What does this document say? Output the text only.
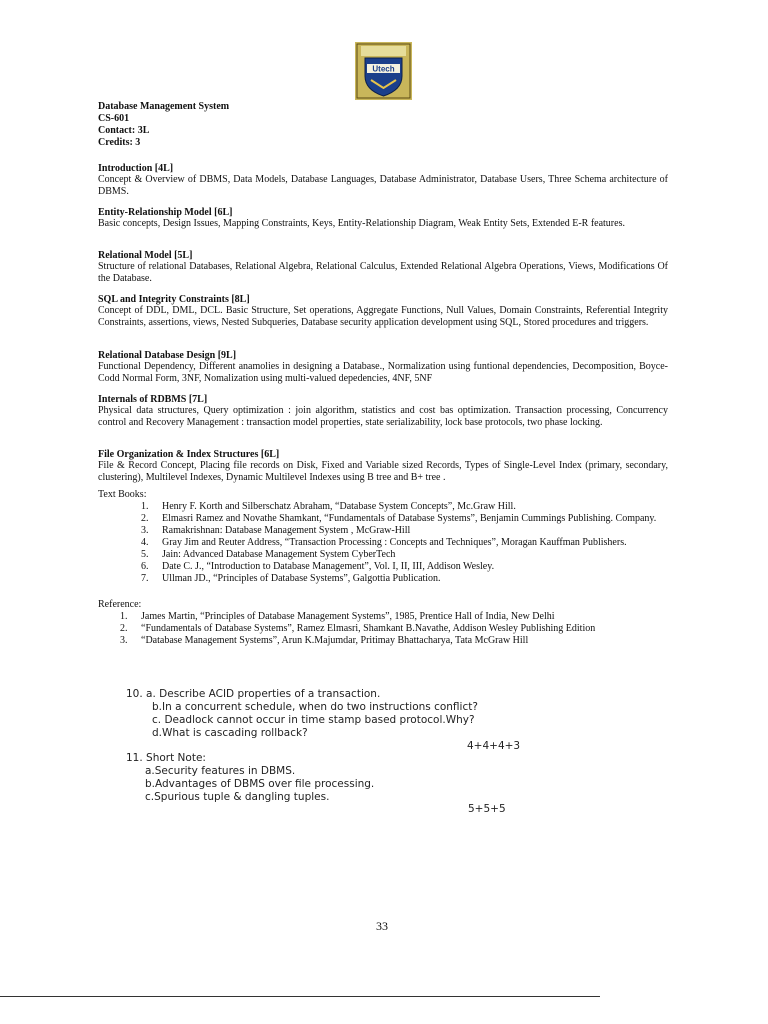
Utech
Database Management System
CS-601
Contact: 3L
Credits: 3
Introduction [4L]
Concept & Overview of DBMS, Data Models, Database Languages, Database Administrator, Database Users, Three Schema architecture of DBMS.
Entity-Relationship Model [6L]
Basic concepts, Design Issues, Mapping Constraints, Keys, Entity-Relationship Diagram, Weak Entity Sets, Extended E-R features.
Relational Model [5L]
Structure of relational Databases, Relational Algebra, Relational Calculus, Extended Relational Algebra Operations, Views, Modifications Of the Database.
SQL and Integrity Constraints [8L]
Concept of DDL, DML, DCL. Basic Structure, Set operations, Aggregate Functions, Null Values, Domain Constraints, Referential Integrity Constraints, assertions, views, Nested Subqueries, Database security application development using SQL, Stored procedures and triggers.
Relational Database Design [9L]
Functional Dependency, Different anamolies in designing a Database., Normalization using funtional dependencies, Decomposition, Boyce-Codd Normal Form, 3NF, Nomalization using multi-valued depedencies, 4NF, 5NF
Internals of RDBMS [7L]
Physical data structures, Query optimization : join algorithm, statistics and cost bas optimization. Transaction processing, Concurrency control and Recovery Management : transaction model properties, state serializability, lock base protocols, two phase locking.
File Organization & Index Structures [6L]
File & Record Concept, Placing file records on Disk, Fixed and Variable sized Records, Types of Single-Level Index (primary, secondary, clustering), Multilevel Indexes, Dynamic Multilevel Indexes using B tree and B+ tree .
Text Books:
1. Henry F. Korth and Silberschatz Abraham, “Database System Concepts”, Mc.Graw Hill.
2. Elmasri Ramez and Novathe Shamkant, “Fundamentals of Database Systems”, Benjamin Cummings Publishing. Company.
3. Ramakrishnan: Database Management System , McGraw-Hill
4. Gray Jim and Reuter Address, “Transaction Processing : Concepts and Techniques”, Moragan Kauffman Publishers.
5. Jain: Advanced Database Management System CyberTech
6. Date C. J., “Introduction to Database Management”, Vol. I, II, III, Addison Wesley.
7. Ullman JD., “Principles of Database Systems”, Galgottia Publication.
Reference:
1. James Martin, “Principles of Database Management Systems”, 1985, Prentice Hall of India, New Delhi
2. “Fundamentals of Database Systems”, Ramez Elmasri, Shamkant B.Navathe, Addison Wesley Publishing Edition
3. “Database Management Systems”, Arun K.Majumdar, Pritimay Bhattacharya, Tata McGraw Hill
10. a. Describe ACID properties of a transaction.
b.In a concurrent schedule, when do two instructions conflict?
c. Deadlock cannot occur in time stamp based protocol.Why?
d.What is cascading rollback?
4+4+4+3
11. Short Note:
a.Security features in DBMS.
b.Advantages of DBMS over file processing.
c.Spurious tuple & dangling tuples.
5+5+5
33
